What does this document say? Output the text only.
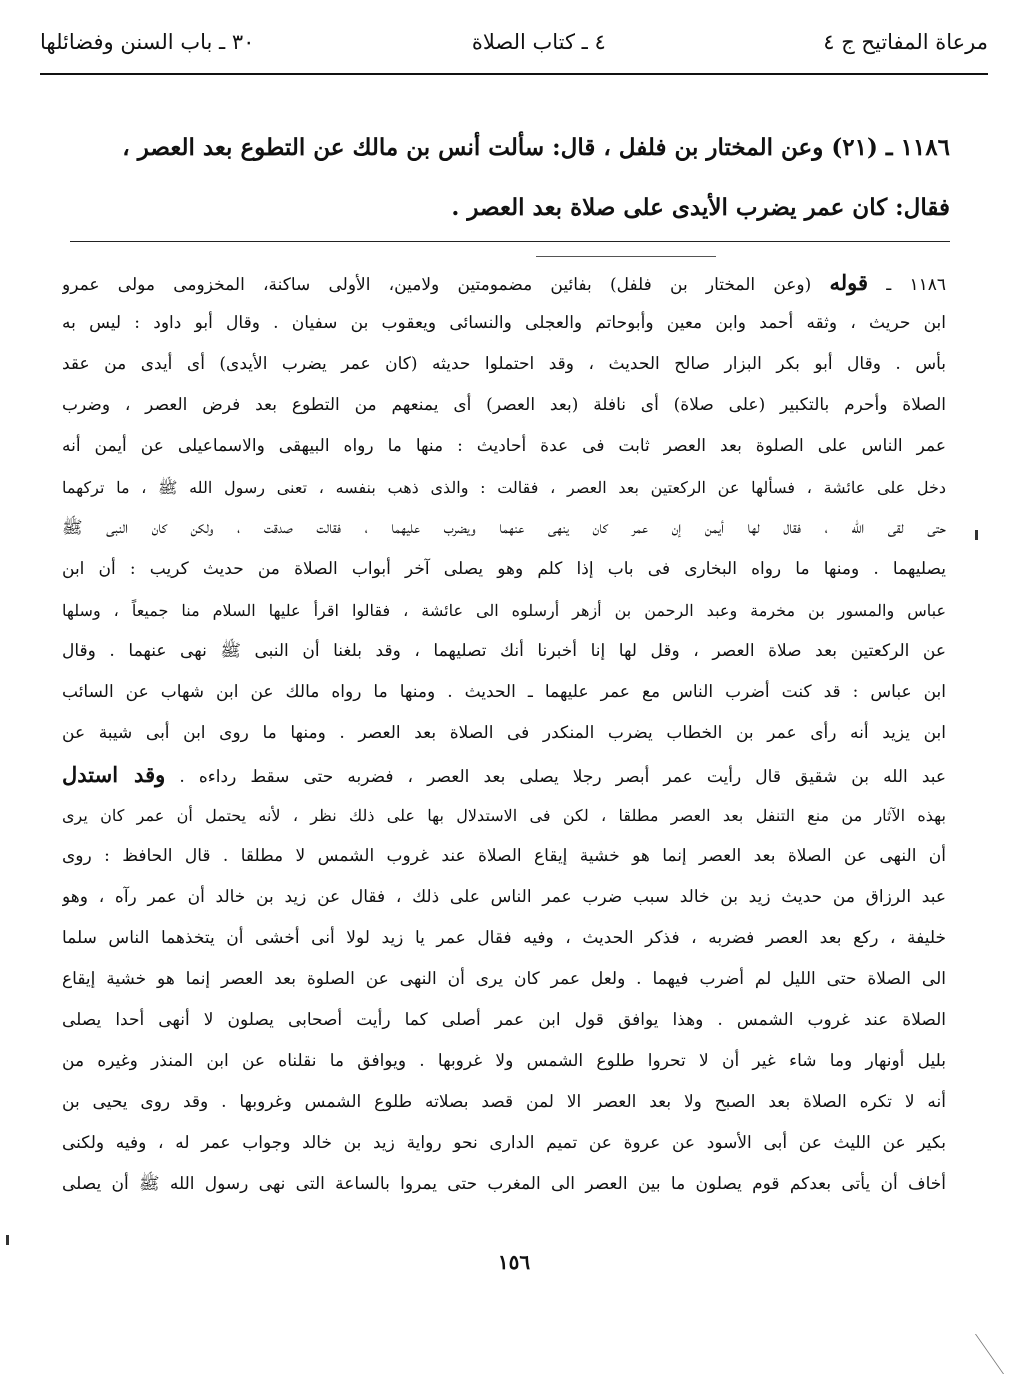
مرعاة المفاتيح ج ٤
٤ ـ كتاب الصلاة
٣٠ ـ باب السنن وفضائلها

١١٨٦ ـ (٢١) وعن المختار بن فلفل ، قال: سألت أنس بن مالك عن التطوع بعد العصر ،

فقال: كان عمر يضرب الأيدى على صلاة بعد العصر .

١١٨٦ ـ قوله (وعن المختار بن فلفل) بفائين مضمومتين ولامين، الأولى ساكنة، المخزومى مولى عمرو
ابن حريث ، وثقه أحمد وابن معين وأبوحاتم والعجلى والنسائى ويعقوب بن سفيان . وقال أبو داود : ليس به
بأس . وقال أبو بكر البزار صالح الحديث ، وقد احتملوا حديثه (كان عمر يضرب الأيدى) أى أيدى من عقد
الصلاة وأحرم بالتكبير (على صلاة) أى نافلة (بعد العصر) أى يمنعهم من التطوع بعد فرض العصر ، وضرب
عمر الناس على الصلوة بعد العصر ثابت فى عدة أحاديث : منها ما رواه البيهقى والاسماعيلى عن أيمن أنه
دخل على عائشة ، فسألها عن الركعتين بعد العصر ، فقالت : والذى ذهب بنفسه ، تعنى رسول الله ﷺ ، ما تركهما
حتى لقى الله ، فقال لها أيمن إن عمر كان ينهى عنهما ويضرب عليهما ، فقالت صدقت ، ولكن كان النبى ﷺ
يصليهما . ومنها ما رواه البخارى فى باب إذا كلم وهو يصلى آخر أبواب الصلاة من حديث كريب : أن ابن
عباس والمسور بن مخرمة وعبد الرحمن بن أزهر أرسلوه الى عائشة ، فقالوا اقرأ عليها السلام منا جميعاً ، وسلها
عن الركعتين بعد صلاة العصر ، وقل لها إنا أخبرنا أنك تصليهما ، وقد بلغنا أن النبى ﷺ نهى عنهما . وقال
ابن عباس : قد كنت أضرب الناس مع عمر عليهما ـ الحديث . ومنها ما رواه مالك عن ابن شهاب عن السائب
ابن يزيد أنه رأى عمر بن الخطاب يضرب المنكدر فى الصلاة بعد العصر . ومنها ما روى ابن أبى شيبة عن
عبد الله بن شقيق قال رأيت عمر أبصر رجلا يصلى بعد العصر ، فضربه حتى سقط رداءه . وقد استدل
بهذه الآثار من منع التنفل بعد العصر مطلقا ، لكن فى الاستدلال بها على ذلك نظر ، لأنه يحتمل أن عمر كان يرى
أن النهى عن الصلاة بعد العصر إنما هو خشية إيقاع الصلاة عند غروب الشمس لا مطلقا . قال الحافظ : روى
عبد الرزاق من حديث زيد بن خالد سبب ضرب عمر الناس على ذلك ، فقال عن زيد بن خالد أن عمر رآه ، وهو
خليفة ، ركع بعد العصر فضربه ، فذكر الحديث ، وفيه فقال عمر يا زيد لولا أنى أخشى أن يتخذهما الناس سلما
الى الصلاة حتى الليل لم أضرب فيهما . ولعل عمر كان يرى أن النهى عن الصلوة بعد العصر إنما هو خشية إيقاع
الصلاة عند غروب الشمس . وهذا يوافق قول ابن عمر أصلى كما رأيت أصحابى يصلون لا أنهى أحدا يصلى
بليل أونهار وما شاء غير أن لا تحروا طلوع الشمس ولا غروبها . ويوافق ما نقلناه عن ابن المنذر وغيره من
أنه لا تكره الصلاة بعد الصبح ولا بعد العصر الا لمن قصد بصلاته طلوع الشمس وغروبها . وقد روى يحيى بن
بكير عن الليث عن أبى الأسود عن عروة عن تميم الدارى نحو رواية زيد بن خالد وجواب عمر له ، وفيه ولكنى
أخاف أن يأتى بعدكم قوم يصلون ما بين العصر الى المغرب حتى يمروا بالساعة التى نهى رسول الله ﷺ أن يصلى
١٥٦
